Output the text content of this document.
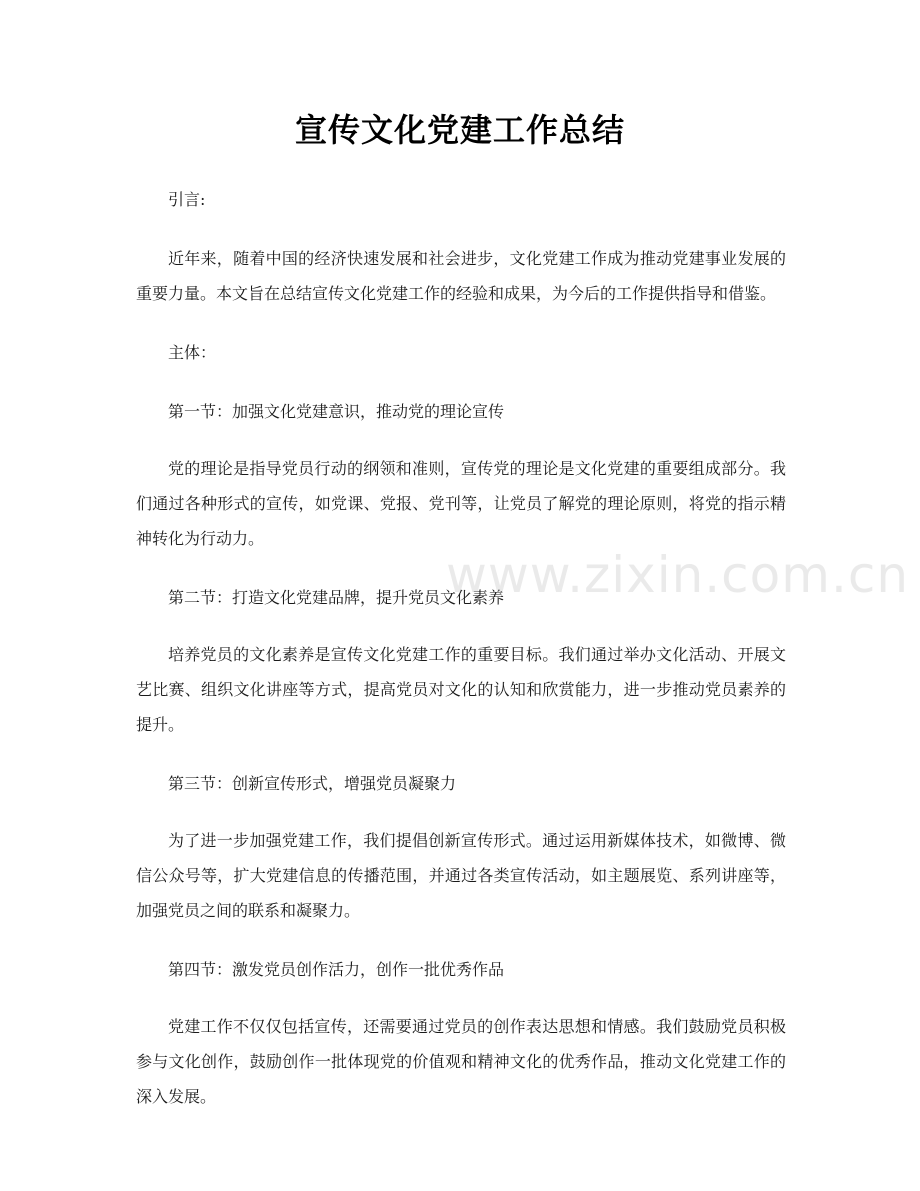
宣传文化党建工作总结

引言:

近年来，随着中国的经济快速发展和社会进步，文化党建工作成为推动党建事业发展的重要力量。本文旨在总结宣传文化党建工作的经验和成果，为今后的工作提供指导和借鉴。

主体：

第一节：加强文化党建意识，推动党的理论宣传

党的理论是指导党员行动的纲领和准则，宣传党的理论是文化党建的重要组成部分。我们通过各种形式的宣传，如党课、党报、党刊等，让党员了解党的理论原则，将党的指示精神转化为行动力。

第二节：打造文化党建品牌，提升党员文化素养

培养党员的文化素养是宣传文化党建工作的重要目标。我们通过举办文化活动、开展文艺比赛、组织文化讲座等方式，提高党员对文化的认知和欣赏能力，进一步推动党员素养的提升。

第三节：创新宣传形式，增强党员凝聚力

为了进一步加强党建工作，我们提倡创新宣传形式。通过运用新媒体技术，如微博、微信公众号等，扩大党建信息的传播范围，并通过各类宣传活动，如主题展览、系列讲座等，加强党员之间的联系和凝聚力。

第四节：激发党员创作活力，创作一批优秀作品

党建工作不仅仅包括宣传，还需要通过党员的创作表达思想和情感。我们鼓励党员积极参与文化创作，鼓励创作一批体现党的价值观和精神文化的优秀作品，推动文化党建工作的深入发展。

www.zixin.com.cn
